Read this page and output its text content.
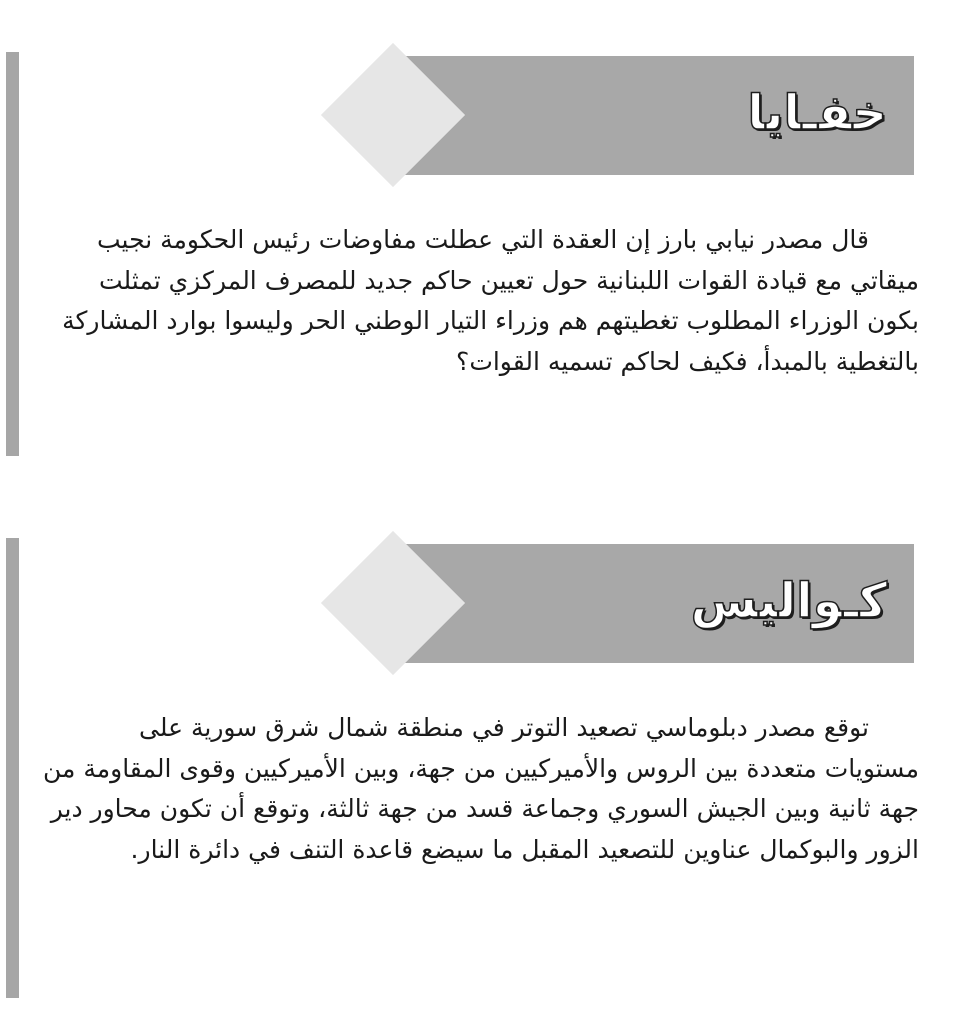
خفـايا

قال مصدر نيابي بارز إن العقدة التي عطلت مفاوضات رئيس الحكومة نجيب ميقاتي مع قيادة القوات اللبنانية حول تعيين حاكم جديد للمصرف المركزي تمثلت بكون الوزراء المطلوب تغطيتهم هم وزراء التيار الوطني الحر وليسوا بوارد المشاركة بالتغطية بالمبدأ، فكيف لحاكم تسميه القوات؟

كـواليس

توقع مصدر دبلوماسي تصعيد التوتر في منطقة شمال شرق سورية على مستويات متعددة بين الروس والأميركيين من جهة، وبين الأميركيين وقوى المقاومة من جهة ثانية وبين الجيش السوري وجماعة قسد من جهة ثالثة، وتوقع أن تكون محاور دير الزور والبوكمال عناوين للتصعيد المقبل ما سيضع قاعدة التنف في دائرة النار.
